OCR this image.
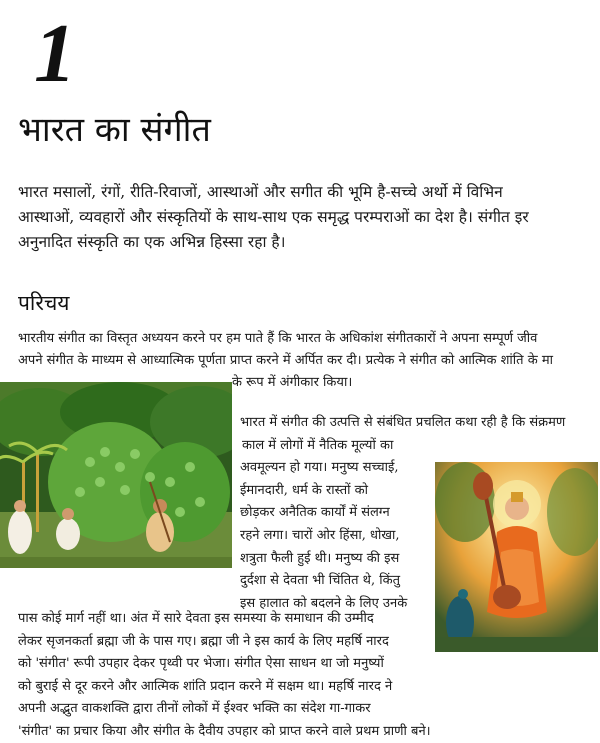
1
भारत का संगीत
भारत मसालों, रंगों, रीति-रिवाजों, आस्थाओं और सगीत की भूमि है-सच्चे अर्थो में विभिन
आस्थाओं, व्यवहारों और संस्कृतियों के साथ-साथ एक समृद्ध परम्पराओं का देश है। संगीत इर
अनुनादित संस्कृति का एक अभिन्न हिस्सा रहा है।
परिचय
भारतीय संगीत का विस्तृत अध्ययन करने पर हम पाते हैं कि भारत के अधिकांश संगीतकारों ने अपना सम्पूर्ण जीव
अपने संगीत के माध्यम से आध्यात्मिक पूर्णता प्राप्त करने में अर्पित कर दी। प्रत्येक ने संगीत को आत्मिक शांति के मा
के रूप में अंगीकार किया।
भारत में संगीत की उत्पत्ति से संबंधित प्रचलित कथा रही है कि संक्रमण
काल में लोगों में नैतिक मूल्यों का
अवमूल्यन हो गया। मनुष्य सच्चाई,
ईमानदारी, धर्म के रास्तों को
छोड़कर अनैतिक कार्यों में संलग्न
रहने लगा। चारों ओर हिंसा, धोखा,
शत्रुता फैली हुई थी। मनुष्य की इस
दुर्दशा से देवता भी चिंतित थे, किंतु
इस हालात को बदलने के लिए उनके
पास कोई मार्ग नहीं था। अंत में सारे देवता इस समस्या के समाधान की उम्मीद
लेकर सृजनकर्ता ब्रह्मा जी के पास गए। ब्रह्मा जी ने इस कार्य के लिए महर्षि नारद
को 'संगीत' रूपी उपहार देकर पृथ्वी पर भेजा। संगीत ऐसा साधन था जो मनुष्यों
को बुराई से दूर करने और आत्मिक शांति प्रदान करने में सक्षम था। महर्षि नारद ने
अपनी अद्भुत वाकशक्ति द्वारा तीनों लोकों में ईश्वर भक्ति का संदेश गा-गाकर
'संगीत' का प्रचार किया और संगीत के दैवीय उपहार को प्राप्त करने वाले प्रथम प्राणी बने।
